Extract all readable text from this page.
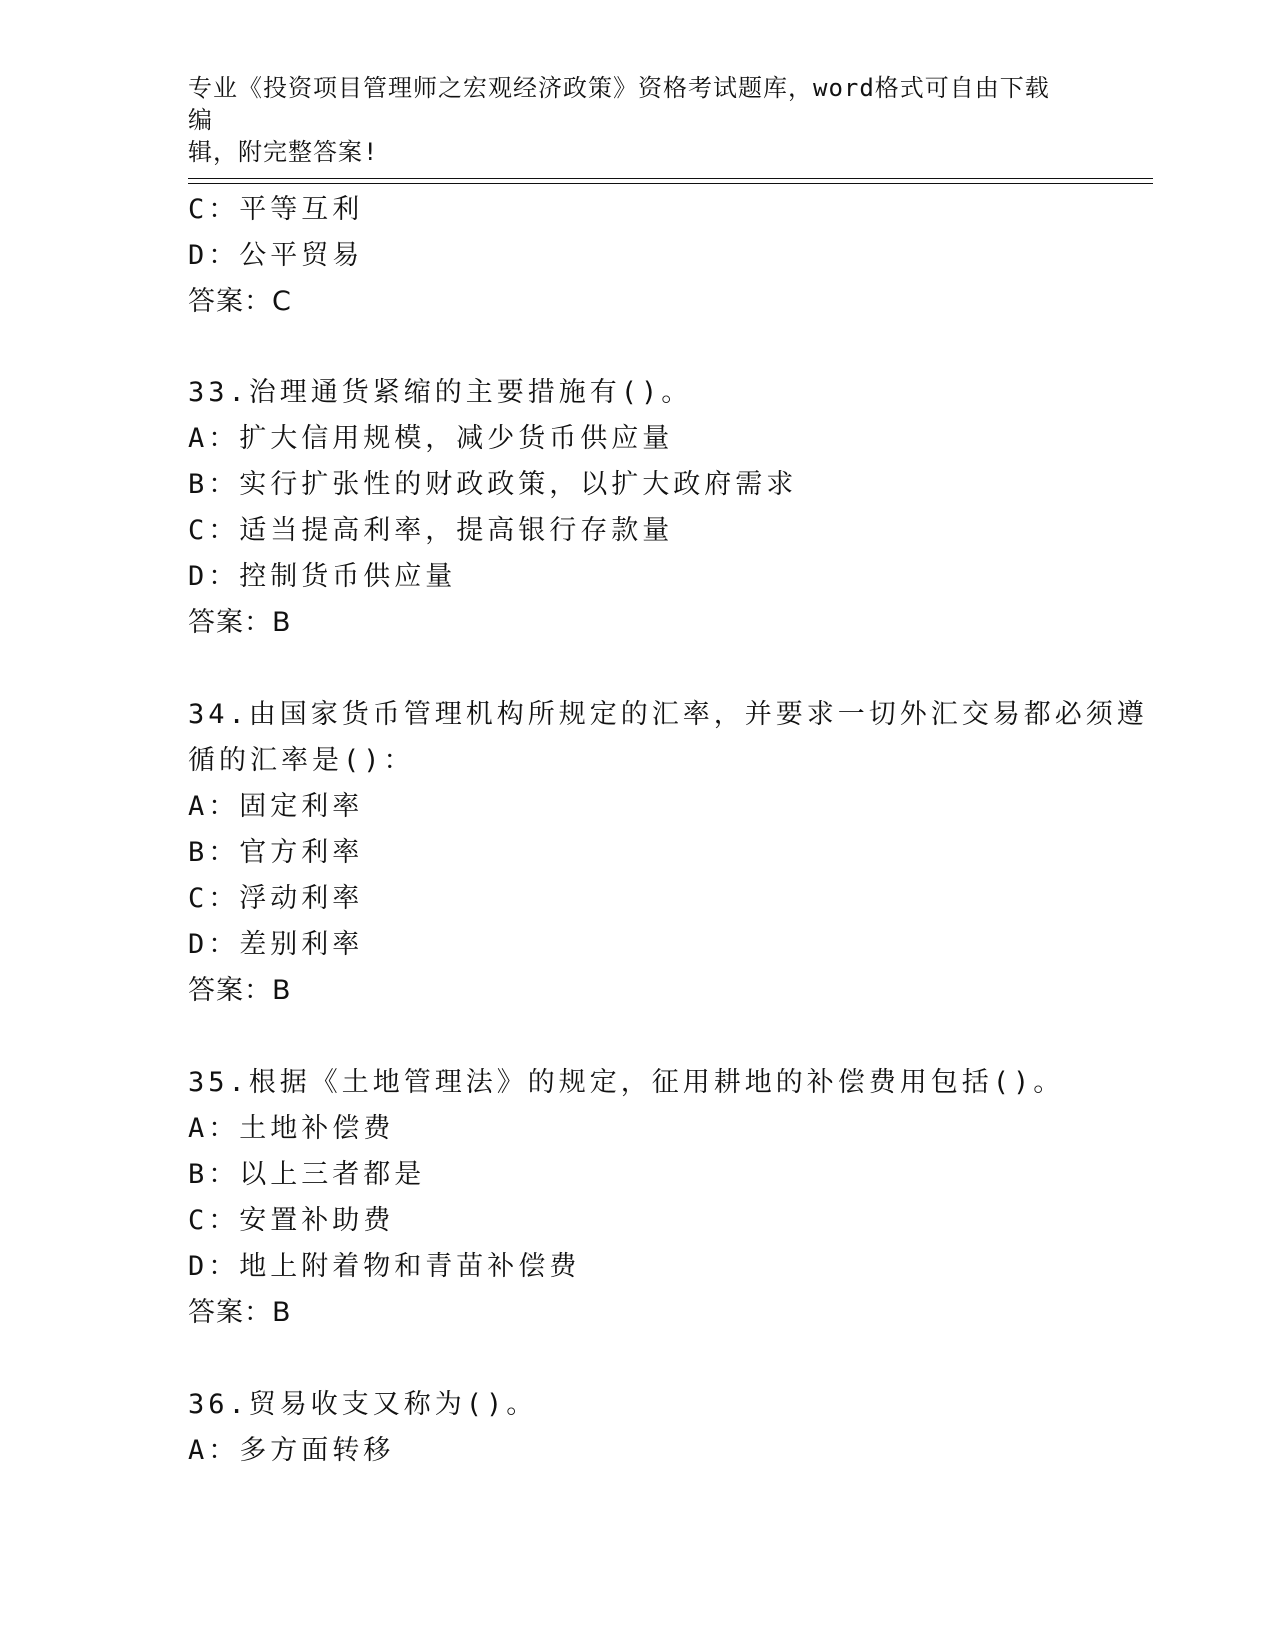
专业《投资项目管理师之宏观经济政策》资格考试题库，word格式可自由下载编
辑，附完整答案!
C：平等互利
D：公平贸易
答案：C
33.治理通货紧缩的主要措施有()。
A：扩大信用规模，减少货币供应量
B：实行扩张性的财政政策，以扩大政府需求
C：适当提高利率，提高银行存款量
D：控制货币供应量
答案：B
34.由国家货币管理机构所规定的汇率，并要求一切外汇交易都必须遵
循的汇率是()：
A：固定利率
B：官方利率
C：浮动利率
D：差别利率
答案：B
35.根据《土地管理法》的规定，征用耕地的补偿费用包括()。
A：土地补偿费
B：以上三者都是
C：安置补助费
D：地上附着物和青苗补偿费
答案：B
36.贸易收支又称为()。
A：多方面转移
